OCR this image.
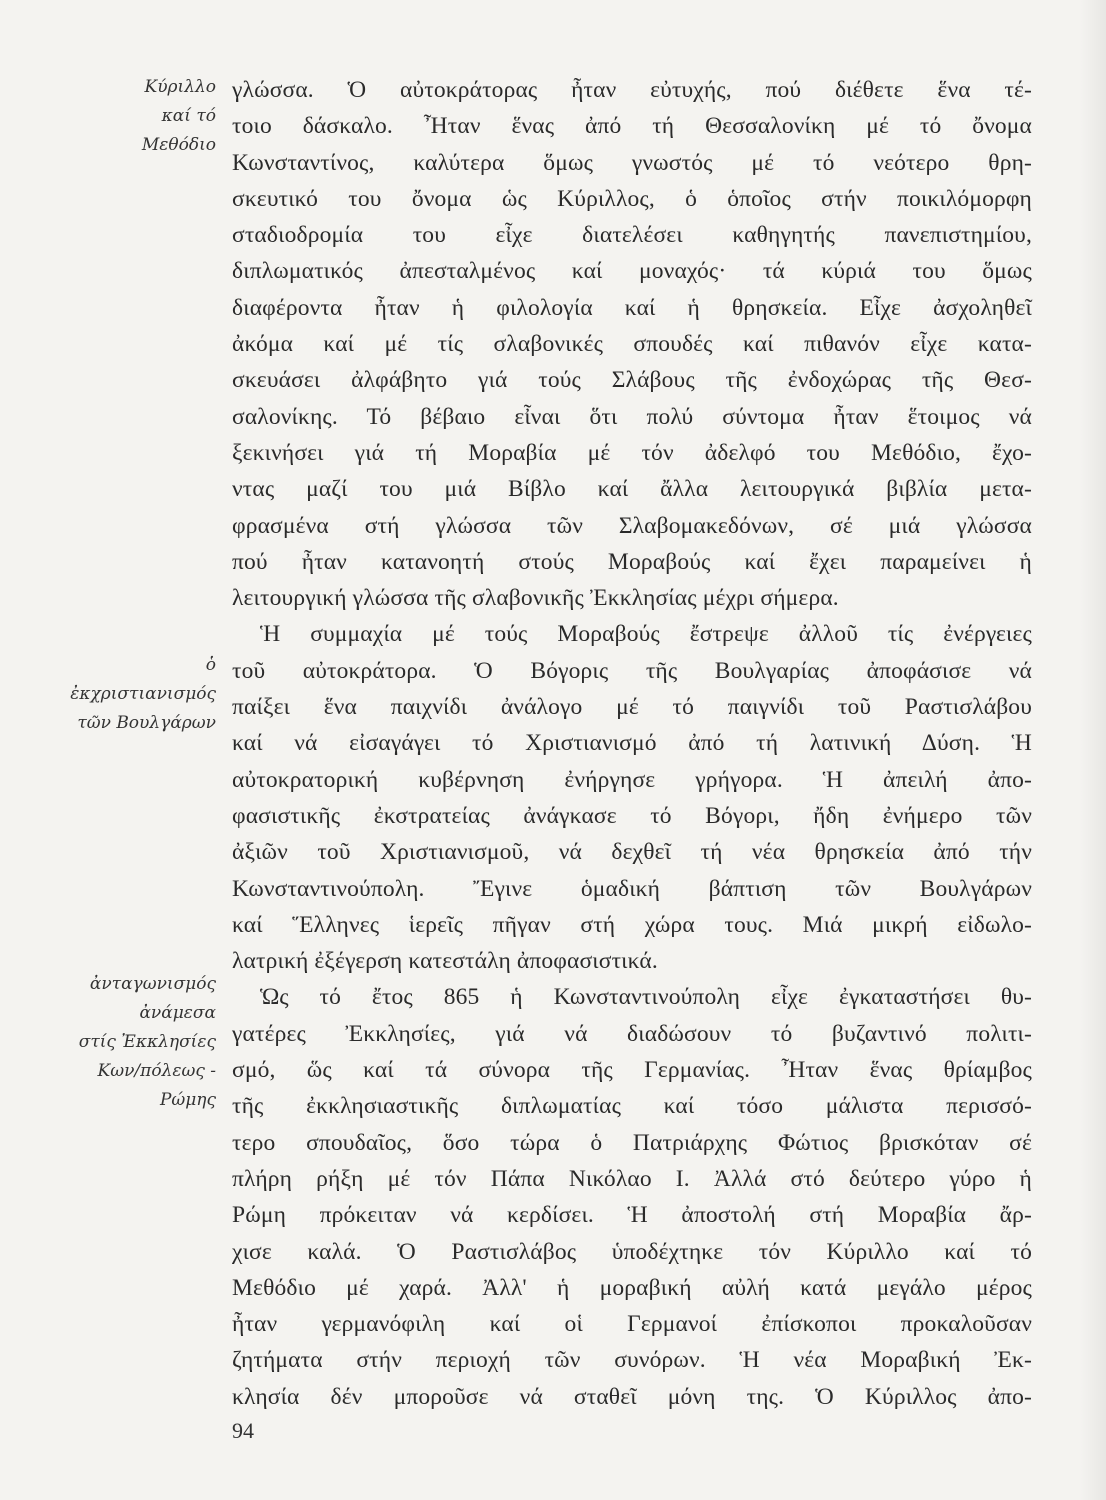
Κύριλλο
καί τό
Μεθόδιο
ὁ
ἐκχριστιανισμός
τῶν Βουλγάρων
ἀνταγωνισμός
ἀνάμεσα
στίς Ἐκκλησίες
Κων/πόλεως -
Ρώμης
γλώσσα. Ὁ αὐτοκράτορας ἦταν εὐτυχής, πού διέθετε ἕνα τέ-
τοιο δάσκαλο. Ἦταν ἕνας ἀπό τή Θεσσαλονίκη μέ τό ὄνομα
Κωνσταντίνος, καλύτερα ὅμως γνωστός μέ τό νεότερο θρη-
σκευτικό του ὄνομα ὡς Κύριλλος, ὁ ὁποῖος στήν ποικιλόμορφη
σταδιοδρομία του εἶχε διατελέσει καθηγητής πανεπιστημίου,
διπλωματικός ἀπεσταλμένος καί μοναχός· τά κύριά του ὅμως
διαφέροντα ἦταν ἡ φιλολογία καί ἡ θρησκεία. Εἶχε ἀσχοληθεῖ
ἀκόμα καί μέ τίς σλαβονικές σπουδές καί πιθανόν εἶχε κατα-
σκευάσει ἀλφάβητο γιά τούς Σλάβους τῆς ἐνδοχώρας τῆς Θεσ-
σαλονίκης. Τό βέβαιο εἶναι ὅτι πολύ σύντομα ἦταν ἕτοιμος νά
ξεκινήσει γιά τή Μοραβία μέ τόν ἀδελφό του Μεθόδιο, ἔχο-
ντας μαζί του μιά Βίβλο καί ἄλλα λειτουργικά βιβλία μετα-
φρασμένα στή γλώσσα τῶν Σλαβομακεδόνων, σέ μιά γλώσσα
πού ἦταν κατανοητή στούς Μοραβούς καί ἔχει παραμείνει ἡ
λειτουργική γλώσσα τῆς σλαβονικῆς Ἐκκλησίας μέχρι σήμερα.
Ἡ συμμαχία μέ τούς Μοραβούς ἔστρεψε ἀλλοῦ τίς ἐνέργειες
τοῦ αὐτοκράτορα. Ὁ Βόγορις τῆς Βουλγαρίας ἀποφάσισε νά
παίξει ἕνα παιχνίδι ἀνάλογο μέ τό παιγνίδι τοῦ Ραστισλάβου
καί νά εἰσαγάγει τό Χριστιανισμό ἀπό τή λατινική Δύση. Ἡ
αὐτοκρατορική κυβέρνηση ἐνήργησε γρήγορα. Ἡ ἀπειλή ἀπο-
φασιστικῆς ἐκστρατείας ἀνάγκασε τό Βόγορι, ἤδη ἐνήμερο τῶν
ἀξιῶν τοῦ Χριστιανισμοῦ, νά δεχθεῖ τή νέα θρησκεία ἀπό τήν
Κωνσταντινούπολη. Ἔγινε ὁμαδική βάπτιση τῶν Βουλγάρων
καί Ἕλληνες ἱερεῖς πῆγαν στή χώρα τους. Μιά μικρή εἰδωλο-
λατρική ἐξέγερση κατεστάλη ἀποφασιστικά.
Ὡς τό ἔτος 865 ἡ Κωνσταντινούπολη εἶχε ἐγκαταστήσει θυ-
γατέρες Ἐκκλησίες, γιά νά διαδώσουν τό βυζαντινό πολιτι-
σμό, ὥς καί τά σύνορα τῆς Γερμανίας. Ἦταν ἕνας θρίαμβος
τῆς ἐκκλησιαστικῆς διπλωματίας καί τόσο μάλιστα περισσό-
τερο σπουδαῖος, ὅσο τώρα ὁ Πατριάρχης Φώτιος βρισκόταν σέ
πλήρη ρήξη μέ τόν Πάπα Νικόλαο Ι. Ἀλλά στό δεύτερο γύρο ἡ
Ρώμη πρόκειταν νά κερδίσει. Ἡ ἀποστολή στή Μοραβία ἄρ-
χισε καλά. Ὁ Ραστισλάβος ὑποδέχτηκε τόν Κύριλλο καί τό
Μεθόδιο μέ χαρά. Ἀλλ' ἡ μοραβική αὐλή κατά μεγάλο μέρος
ἦταν γερμανόφιλη καί οἱ Γερμανοί ἐπίσκοποι προκαλοῦσαν
ζητήματα στήν περιοχή τῶν συνόρων. Ἡ νέα Μοραβική Ἐκ-
κλησία δέν μποροῦσε νά σταθεῖ μόνη της. Ὁ Κύριλλος ἀπο-
94
